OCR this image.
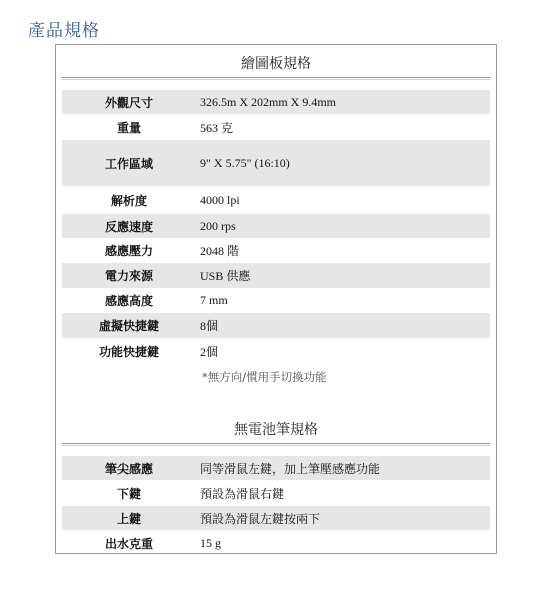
產品規格
繪圖板規格
外觀尺寸	326.5m X 202mm X 9.4mm
重量	563 克
工作區域	9" X 5.75" (16:10)
解析度	4000 lpi
反應速度	200 rps
感應壓力	2048 階
電力來源	USB 供應
感應高度	7 mm
虛擬快捷鍵	8個
功能快捷鍵	2個
*無方向/慣用手切換功能
無電池筆規格
筆尖感應	同等滑鼠左鍵，加上筆壓感應功能
下鍵	預設為滑鼠右鍵
上鍵	預設為滑鼠左鍵按兩下
出水克重	15 g
